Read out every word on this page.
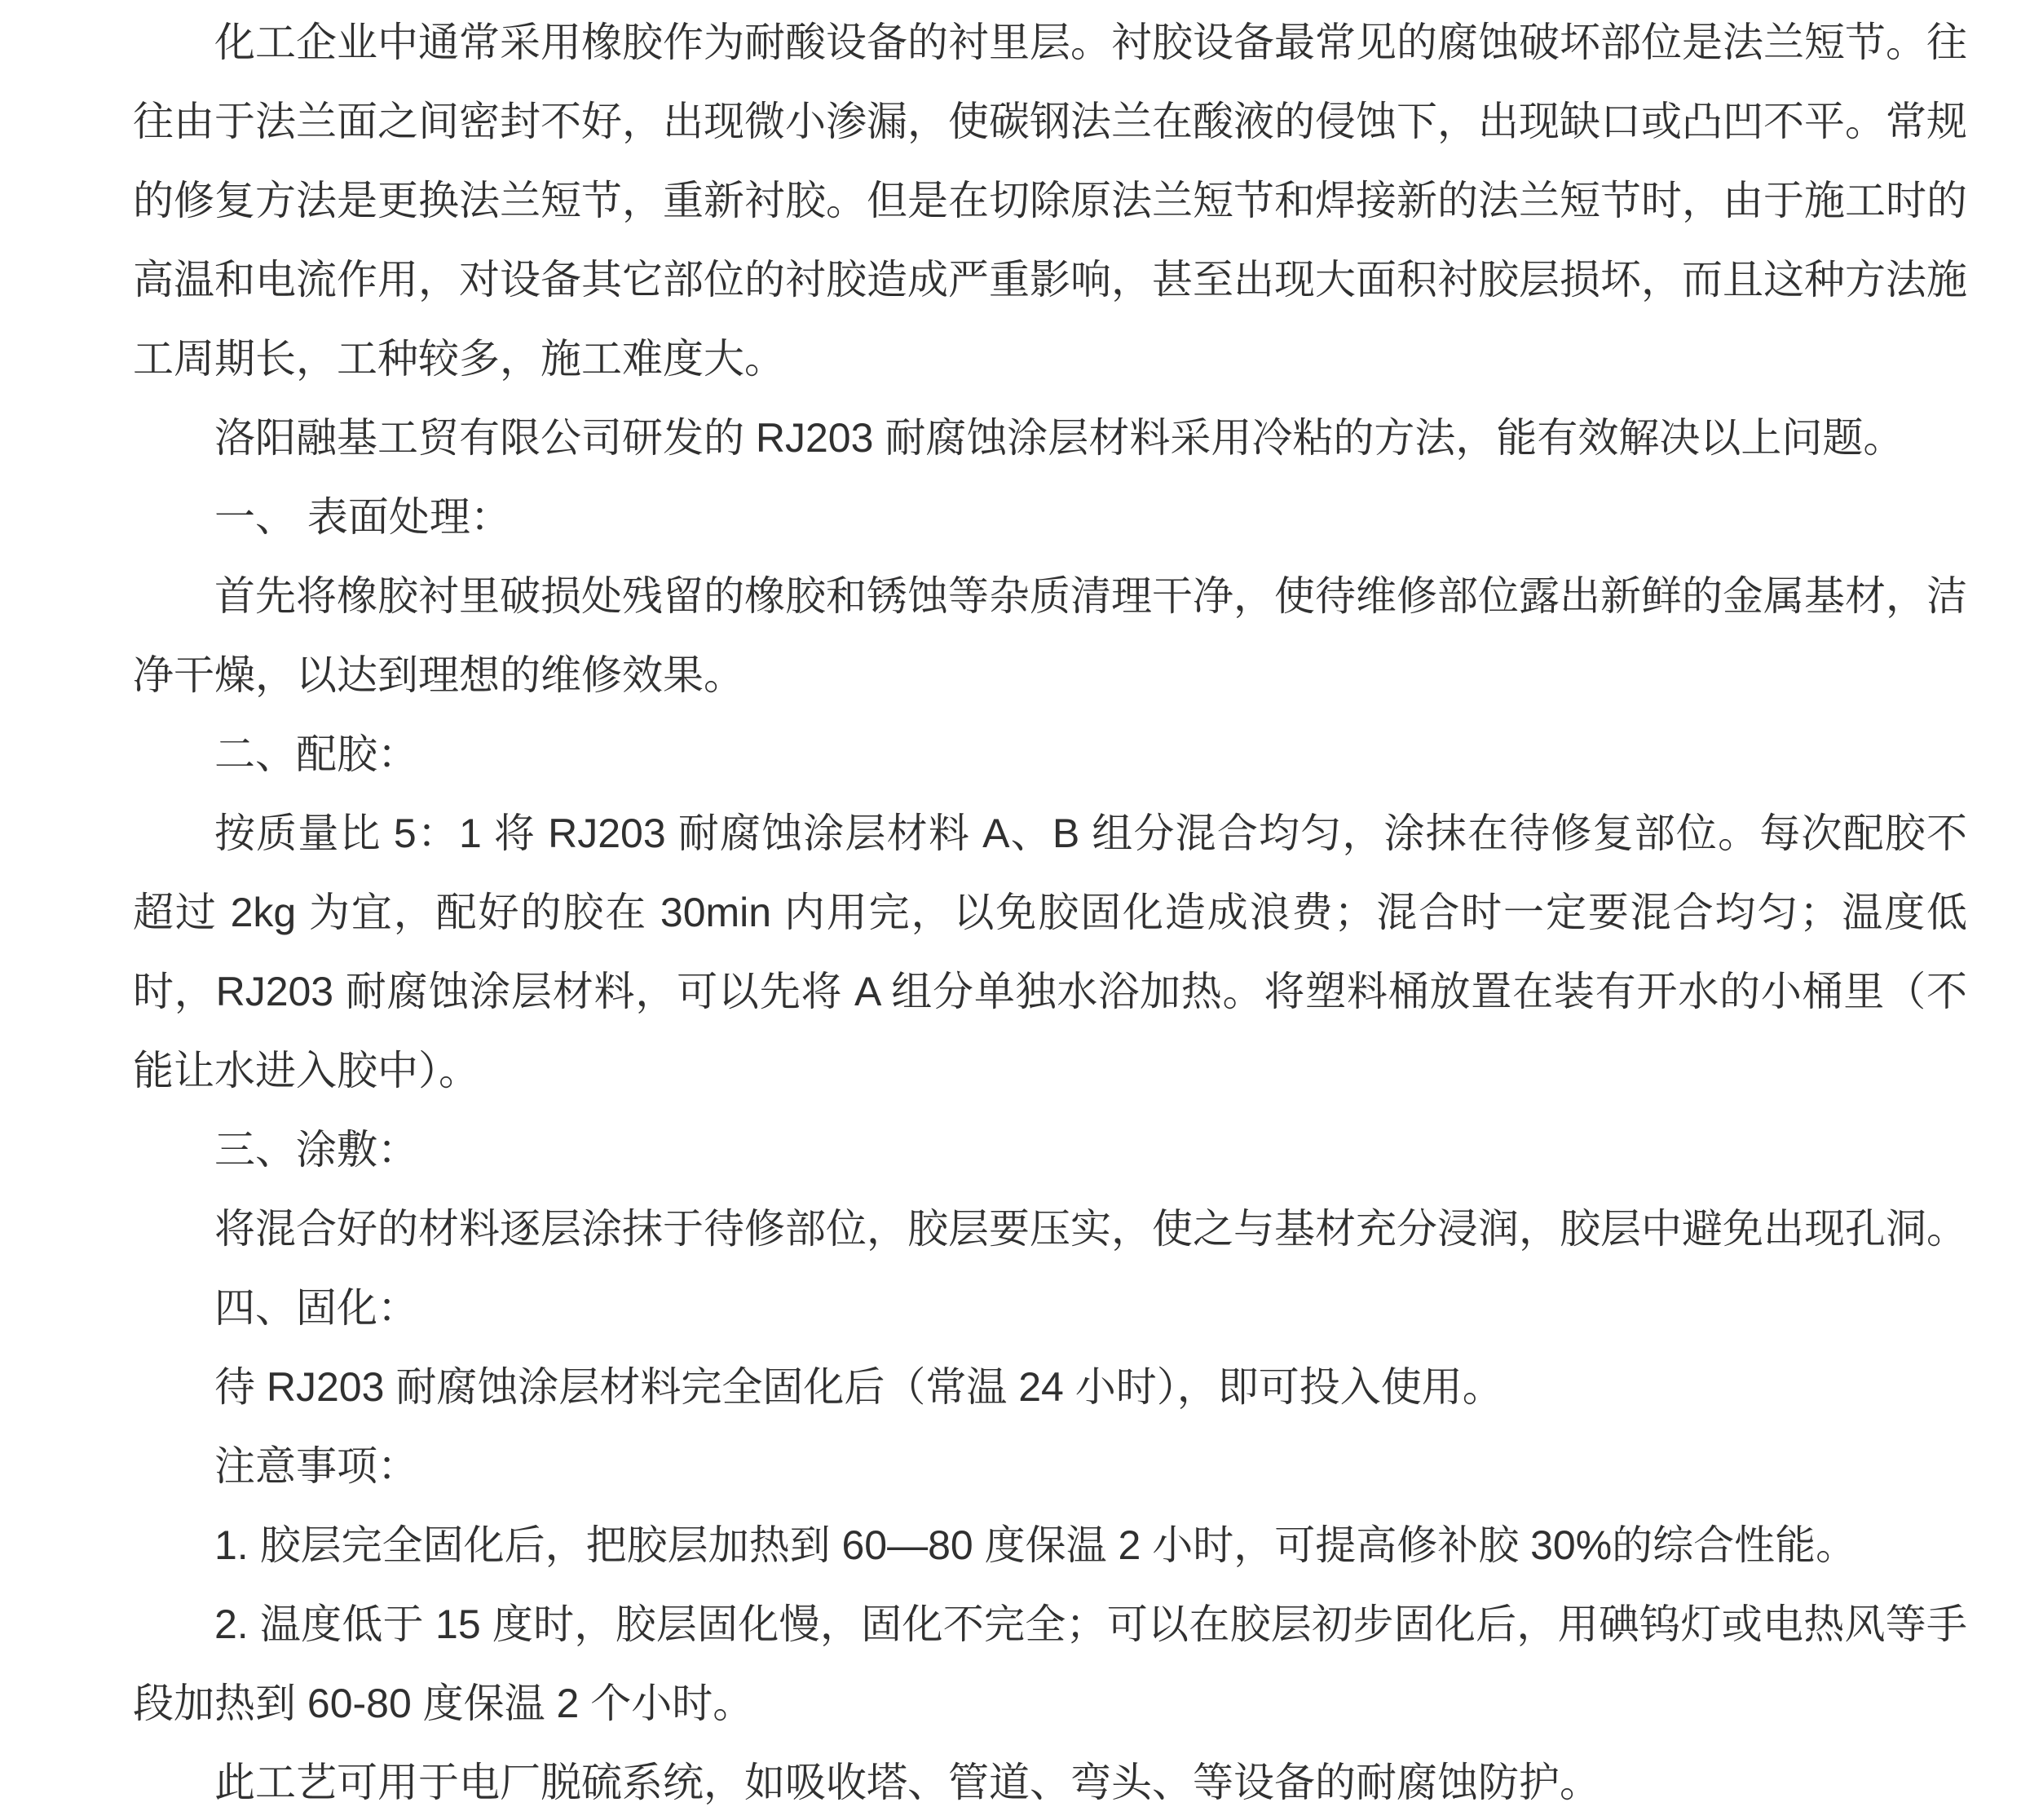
化工企业中通常采用橡胶作为耐酸设备的衬里层。衬胶设备最常见的腐蚀破坏部位是法兰短节。往往由于法兰面之间密封不好，出现微小渗漏，使碳钢法兰在酸液的侵蚀下，出现缺口或凸凹不平。常规的修复方法是更换法兰短节，重新衬胶。但是在切除原法兰短节和焊接新的法兰短节时，由于施工时的高温和电流作用，对设备其它部位的衬胶造成严重影响，甚至出现大面积衬胶层损坏，而且这种方法施工周期长，工种较多，施工难度大。

洛阳融基工贸有限公司研发的 RJ203 耐腐蚀涂层材料采用冷粘的方法，能有效解决以上问题。

一、 表面处理：

首先将橡胶衬里破损处残留的橡胶和锈蚀等杂质清理干净，使待维修部位露出新鲜的金属基材，洁净干燥，以达到理想的维修效果。

二、配胶：

按质量比 5：1 将 RJ203 耐腐蚀涂层材料 A、B 组分混合均匀，涂抹在待修复部位。每次配胶不超过 2kg 为宜，配好的胶在 30min 内用完，以免胶固化造成浪费；混合时一定要混合均匀；温度低时，RJ203 耐腐蚀涂层材料，可以先将 A 组分单独水浴加热。将塑料桶放置在装有开水的小桶里（不能让水进入胶中）。

三、涂敷：

将混合好的材料逐层涂抹于待修部位，胶层要压实，使之与基材充分浸润，胶层中避免出现孔洞。

四、固化：

待 RJ203 耐腐蚀涂层材料完全固化后（常温 24 小时），即可投入使用。

注意事项：

1. 胶层完全固化后，把胶层加热到 60—80 度保温 2 小时，可提高修补胶 30%的综合性能。

2. 温度低于 15 度时，胶层固化慢，固化不完全；可以在胶层初步固化后，用碘钨灯或电热风等手段加热到 60-80 度保温 2 个小时。

此工艺可用于电厂脱硫系统，如吸收塔、管道、弯头、等设备的耐腐蚀防护。
